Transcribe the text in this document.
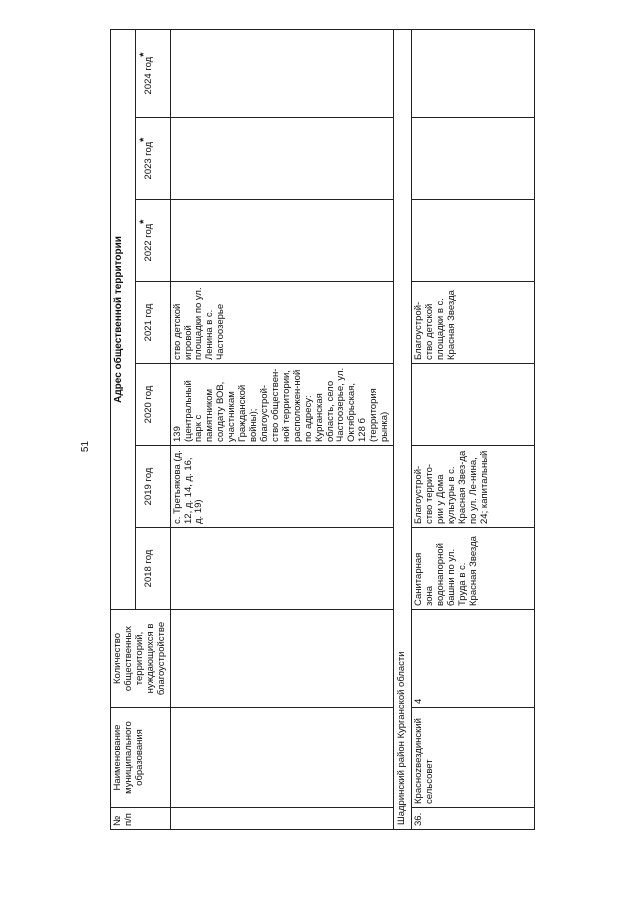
51
№ п/п	Наименование муниципального образования	Количество общественных территорий, нуждающихся в благоустройстве	Адрес общественной территории						
			2018 год	2019 год	2020 год	2021 год	2022 год*	2023 год*	2024 год*
				с. Третьякова (д. 12, д. 14, д. 16, д. 19)	139 (центральный парк с памятником солдату ВОВ, участникам Гражданской войны); благоустрой-ство обществен-ной территории, расположен-ной по адресу: Курганская область, село Частоозерье, ул. Октябрьская, 128 б (территория рынка)	ство детской игровой площадки по ул. Ленина в с. Частоозерье			
Шадринский район Курганской области									
36.	Красноzвездинский сельсовет	4	Санитарная зона водонапорной башни по ул. Труда в с. Красная Звезда	Благоустрой-ство террито-рии у Дома культуры в с. Красная Звез-да по ул. Ле-нина, 24; капитальный		Благоустрой-ство детской площадки в с. Красная Звезда			
